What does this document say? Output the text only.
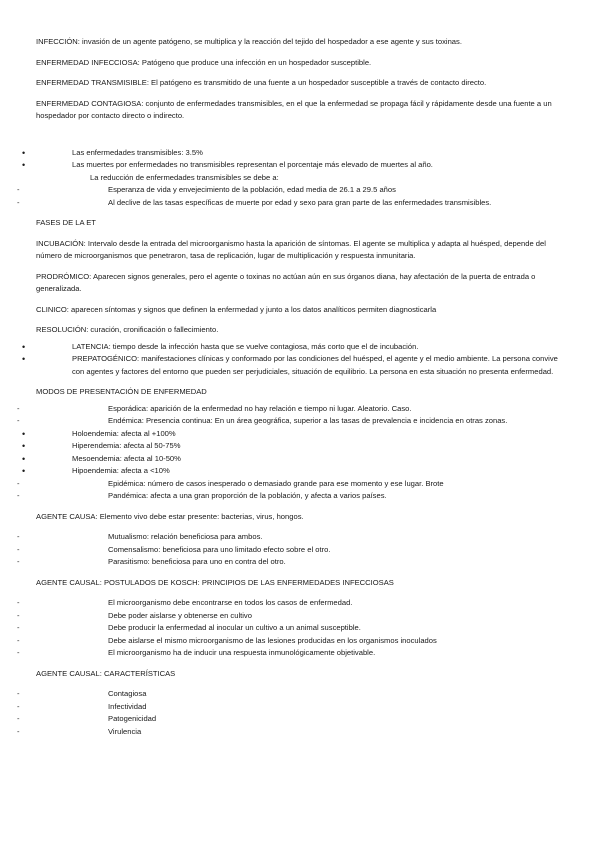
INFECCIÓN: invasión de un agente patógeno, se multiplica y la reacción del tejido del hospedador a ese agente y sus toxinas.

ENFERMEDAD INFECCIOSA: Patógeno que produce una infección en un hospedador susceptible.

ENFERMEDAD TRANSMISIBLE: El patógeno es transmitido de una fuente a un hospedador susceptible a través de contacto directo.

ENFERMEDAD CONTAGIOSA: conjunto de enfermedades transmisibles, en el que la enfermedad se propaga fácil y rápidamente desde una fuente a un hospedador por contacto directo o indirecto.

• Las enfermedades transmisibles: 3.5%
• Las muertes por enfermedades no transmisibles representan el porcentaje más elevado de muertes al año.
La reducción de enfermedades transmisibles se debe a:
- Esperanza de vida y envejecimiento de la población, edad media de 26.1 a 29.5 años
- Al declive de las tasas específicas de muerte por edad y sexo para gran parte de las enfermedades transmisibles.

FASES DE LA ET

INCUBACIÓN: Intervalo desde la entrada del microorganismo hasta la aparición de síntomas. El agente se multiplica y adapta al huésped, depende del número de microorganismos que penetraron, tasa de replicación, lugar de multiplicación y respuesta inmunitaria.

PRODRÓMICO: Aparecen signos generales, pero el agente o toxinas no actúan aún en sus órganos diana, hay afectación de la puerta de entrada o generalizada.

CLINICO: aparecen síntomas y signos que definen la enfermedad y junto a los datos analíticos permiten diagnosticarla

RESOLUCIÓN: curación, cronificación o fallecimiento.

• LATENCIA: tiempo desde la infección hasta que se vuelve contagiosa, más corto que el de incubación.
• PREPATOGÉNICO: manifestaciones clínicas y conformado por las condiciones del huésped, el agente y el medio ambiente. La persona convive con agentes y factores del entorno que pueden ser perjudiciales, situación de equilibrio. La persona en esta situación no presenta enfermedad.

MODOS DE PRESENTACIÓN DE ENFERMEDAD

- Esporádica: aparición de la enfermedad no hay relación e tiempo ni lugar. Aleatorio. Caso.
- Endémica: Presencia continua: En un área geográfica, superior a las tasas de prevalencia e incidencia en otras zonas.
• Holoendemia: afecta al +100%
• Hiperendemia: afecta al 50-75%
• Mesoendemia: afecta al 10-50%
• Hipoendemia: afecta a <10%
- Epidémica: número de casos inesperado o demasiado grande para ese momento y ese lugar. Brote
- Pandémica: afecta a una gran proporción de la población, y afecta a varios países.

AGENTE CAUSA: Elemento vivo debe estar presente: bacterias, virus, hongos.

- Mutualismo: relación beneficiosa para ambos.
- Comensalismo: beneficiosa para uno limitado efecto sobre el otro.
- Parasitismo: beneficiosa para uno en contra del otro.

AGENTE CAUSAL: POSTULADOS DE KOSCH: PRINCIPIOS DE LAS ENFERMEDADES INFECCIOSAS

- El microorganismo debe encontrarse en todos los casos de enfermedad.
- Debe poder aislarse y obtenerse en cultivo
- Debe producir la enfermedad al inocular un cultivo a un animal susceptible.
- Debe aislarse el mismo microorganismo de las lesiones producidas en los organismos inoculados
- El microorganismo ha de inducir una respuesta inmunológicamente objetivable.

AGENTE CAUSAL: CARACTERÍSTICAS

- Contagiosa
- Infectividad
- Patogenicidad
- Virulencia
